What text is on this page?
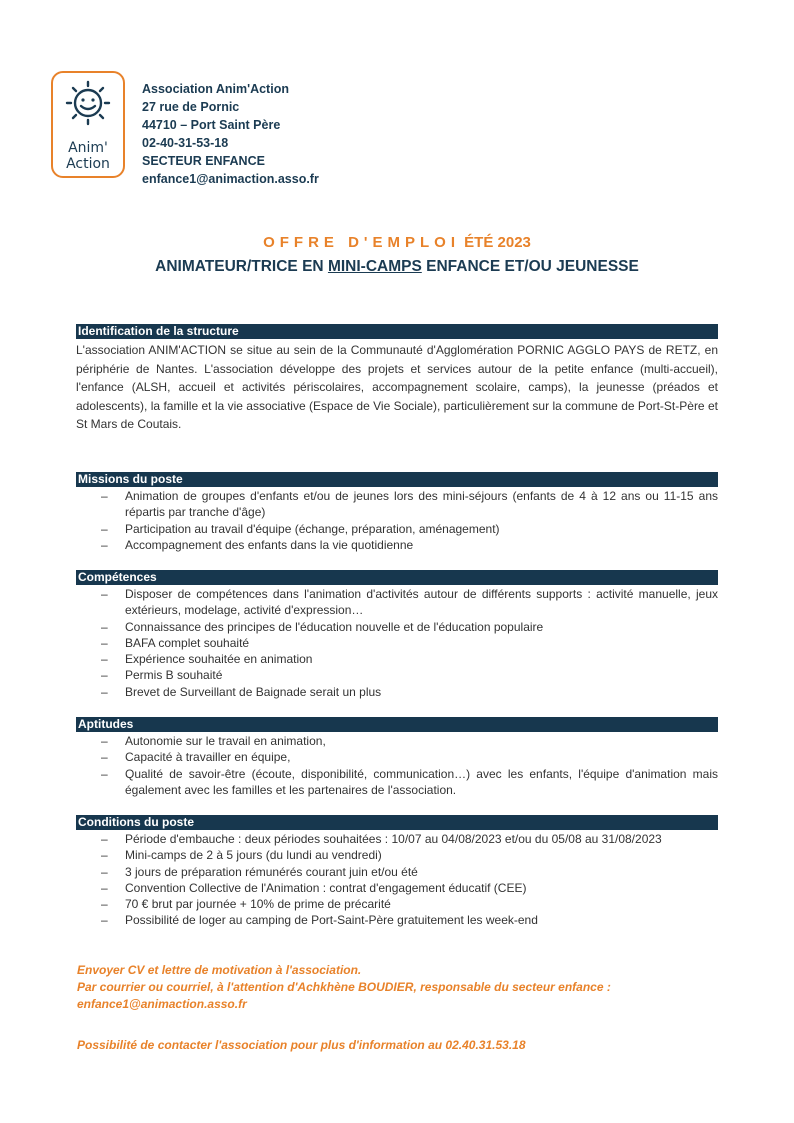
Anim'
Action
Association Anim'Action
27 rue de Pornic
44710 – Port Saint Père
02-40-31-53-18
SECTEUR ENFANCE
enfance1@animaction.asso.fr
OFFRE D'EMPLOI ÉTÉ 2023
ANIMATEUR/TRICE EN MINI-CAMPS ENFANCE ET/OU JEUNESSE
Identification de la structure
L'association ANIM'ACTION se situe au sein de la Communauté d'Agglomération PORNIC AGGLO PAYS de RETZ, en périphérie de Nantes. L'association développe des projets et services autour de la petite enfance (multi-accueil), l'enfance (ALSH, accueil et activités périscolaires, accompagnement scolaire, camps), la jeunesse (préados et adolescents), la famille et la vie associative (Espace de Vie Sociale), particulièrement sur la commune de Port-St-Père et St Mars de Coutais.
Missions du poste
– Animation de groupes d'enfants et/ou de jeunes lors des mini-séjours (enfants de 4 à 12 ans ou 11-15 ans répartis par tranche d'âge)
– Participation au travail d'équipe (échange, préparation, aménagement)
– Accompagnement des enfants dans la vie quotidienne
Compétences
– Disposer de compétences dans l'animation d'activités autour de différents supports : activité manuelle, jeux extérieurs, modelage, activité d'expression…
– Connaissance des principes de l'éducation nouvelle et de l'éducation populaire
– BAFA complet souhaité
– Expérience souhaitée en animation
– Permis B souhaité
– Brevet de Surveillant de Baignade serait un plus
Aptitudes
– Autonomie sur le travail en animation,
– Capacité à travailler en équipe,
– Qualité de savoir-être (écoute, disponibilité, communication…) avec les enfants, l'équipe d'animation mais également avec les familles et les partenaires de l'association.
Conditions du poste
– Période d'embauche : deux périodes souhaitées : 10/07 au 04/08/2023 et/ou du 05/08 au 31/08/2023
– Mini-camps de 2 à 5 jours (du lundi au vendredi)
– 3 jours de préparation rémunérés courant juin et/ou été
– Convention Collective de l'Animation : contrat d'engagement éducatif (CEE)
– 70 € brut par journée + 10% de prime de précarité
– Possibilité de loger au camping de Port-Saint-Père gratuitement les week-end
Envoyer CV et lettre de motivation à l'association.
Par courrier ou courriel, à l'attention d'Achkhène BOUDIER, responsable du secteur enfance :
enfance1@animaction.asso.fr
Possibilité de contacter l'association pour plus d'information au 02.40.31.53.18
